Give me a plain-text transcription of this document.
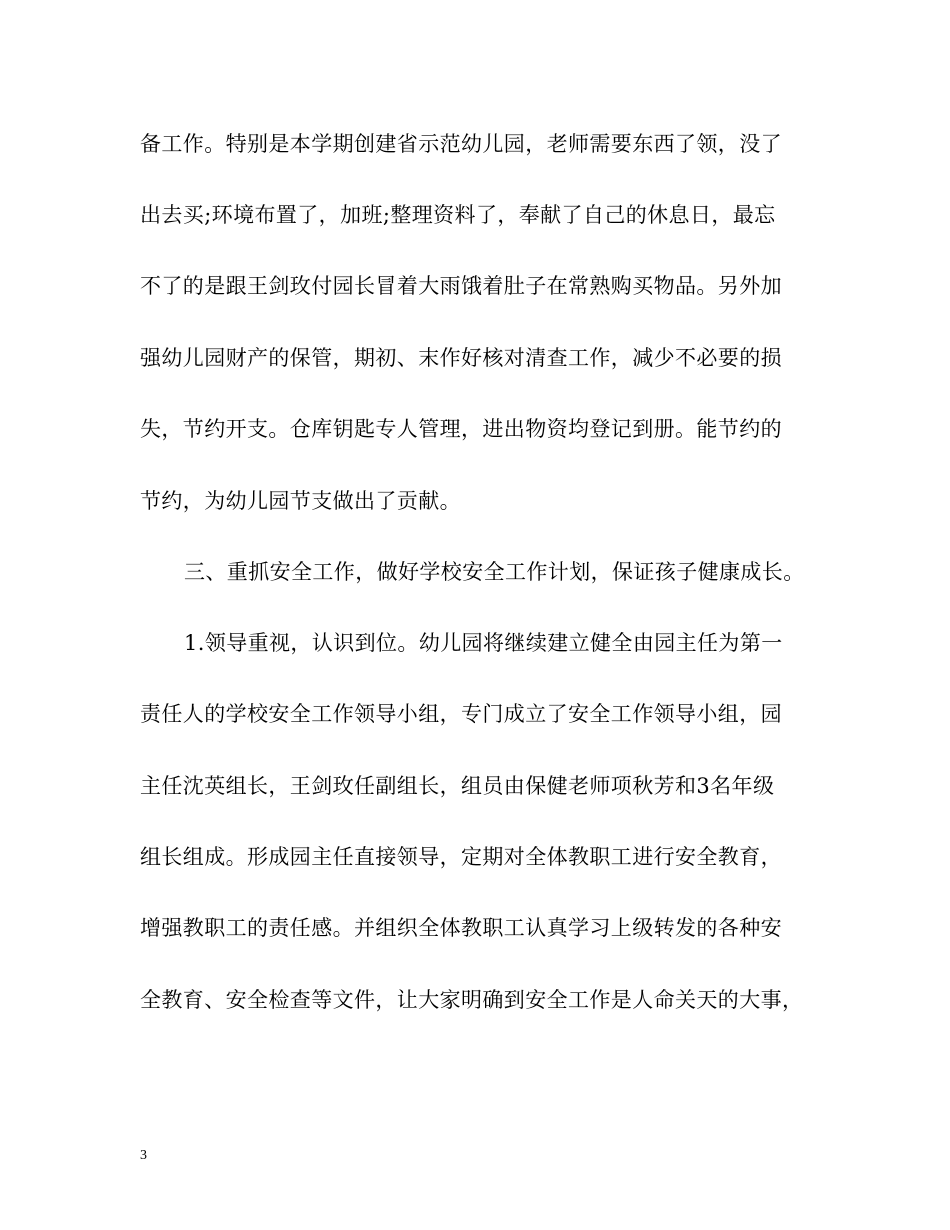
备工作。特别是本学期创建省示范幼儿园，老师需要东西了领，没了
出去买;环境布置了，加班;整理资料了，奉献了自己的休息日，最忘
不了的是跟王剑玫付园长冒着大雨饿着肚子在常熟购买物品。另外加
强幼儿园财产的保管，期初、末作好核对清查工作，减少不必要的损
失，节约开支。仓库钥匙专人管理，进出物资均登记到册。能节约的
节约，为幼儿园节支做出了贡献。
三、重抓安全工作，做好学校安全工作计划，保证孩子健康成长。
1.领导重视，认识到位。幼儿园将继续建立健全由园主任为第一
责任人的学校安全工作领导小组，专门成立了安全工作领导小组，园
主任沈英组长，王剑玫任副组长，组员由保健老师项秋芳和3名年级
组长组成。形成园主任直接领导，定期对全体教职工进行安全教育，
增强教职工的责任感。并组织全体教职工认真学习上级转发的各种安
全教育、安全检查等文件，让大家明确到安全工作是人命关天的大事，
3
